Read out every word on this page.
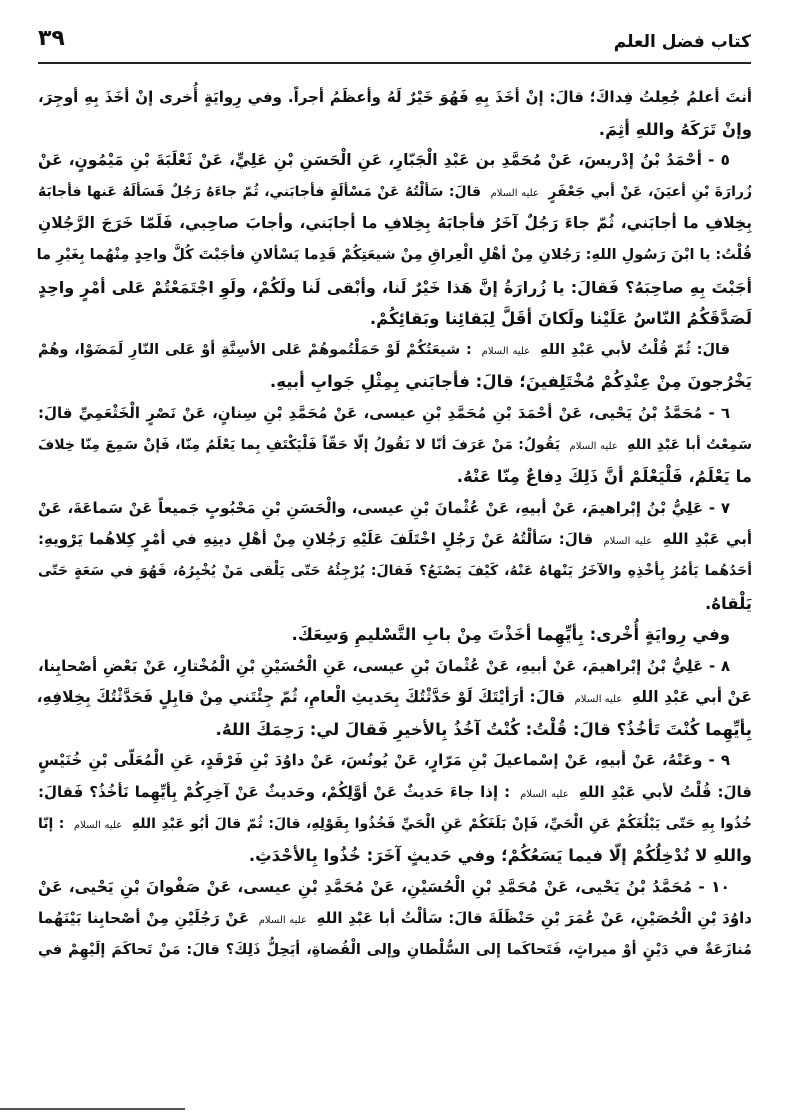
٣٩	كتاب فضل العلم
أنتَ أعلمُ جُعِلتُ فِداكَ؛ قالَ: إنْ أخَذَ بِهِ فَهُوَ خَيْرٌ لَهُ وأعظَمُ أجراً. وفي رِوايَةٍ أُخرى إنْ أخَذَ بِهِ أوجِرَ،
وإنْ تَرَكَهُ واللهِ أثِمَ.
٥ - أحْمَدُ بْنُ إدْريسَ، عَنْ مُحَمَّدِ بن عَبْدِ الْجَبّارِ، عَنِ الْحَسَنِ بْنِ عَلِيٍّ، عَنْ ثَعْلَبَةَ بْنِ مَيْمُونٍ، عَنْ
زُرارَةَ بْنِ أعيَنَ، عَنْ أبي جَعْفَرٍ عليه السلام قالَ: سَألْتُهُ عَنْ مَسْألَةٍ فأجابَني، ثُمّ جاءَهُ رَجُلٌ فَسَألَهُ عَنها فأجابَهُ
بِخِلافِ ما أجابَني، ثُمّ جاءَ رَجُلٌ آخَرُ فأجابَهُ بِخِلافِ ما أجابَني، وأجابَ صاحِبي، فَلَمّا خَرَجَ الرَّجُلانِ
قُلْتُ: يا ابْنَ رَسُولِ اللهِ: رَجُلانِ مِنْ أهْلِ الْعِراقِ مِنْ شيعَتِكُمْ قَدِما يَسْألانِ فأجَبْتَ كُلَّ واحِدٍ مِنْهُما بِغَيْرِ ما
أجَبْتَ بِهِ صاحِبَهُ؟ فَقالَ: يا زُرارَةُ إنَّ هَذا خَيْرٌ لَنا، وأبْقى لَنا ولَكُمْ، ولَوِ اجْتَمَعْتُمْ عَلى أمْرٍ واحِدٍ
لَصَدَّقَكُمُ النّاسُ عَلَيْنا ولَكانَ أقَلَّ لِبَقائِنا وبَقائِكُمْ.
قالَ: ثُمّ قُلْتُ لأبي عَبْدِ اللهِ عليه السلام : شيعَتُكُمْ لَوْ حَمَلْتُموهُمْ عَلى الأسِنَّةِ أوْ عَلى النّارِ لَمَضَوْا، وهُمْ
يَخْرُجونَ مِنْ عِنْدِكُمْ مُخْتَلِفينَ؛ قالَ: فأجابَني بِمِثْلِ جَوابِ أبيهِ.
٦ - مُحَمَّدُ بْنُ يَحْيى، عَنْ أحْمَدَ بْنِ مُحَمَّدِ بْنِ عيسى، عَنْ مُحَمَّدِ بْنِ سِنانٍ، عَنْ نَصْرٍ الْخَثْعَمِيِّ قالَ:
سَمِعْتُ أبا عَبْدِ اللهِ عليه السلام يَقُولُ: مَنْ عَرَفَ أنّا لا نَقُولُ إلّا حَقّاً فَلْيَكْتَفِ بِما يَعْلَمُ مِنّا، فَإنْ سَمِعَ مِنّا خِلافَ
ما يَعْلَمُ، فَلْيَعْلَمْ أنَّ ذَلِكَ دِفاعٌ مِنّا عَنْهُ.
٧ - عَلِيُّ بْنُ إبْراهيمَ، عَنْ أبيهِ، عَنْ عُثْمانَ بْنِ عيسى، والْحَسَنِ بْنِ مَحْبُوبٍ جَميعاً عَنْ سَماعَةَ، عَنْ
أبي عَبْدِ اللهِ عليه السلام قالَ: سَألْتُهُ عَنْ رَجُلٍ اخْتَلَفَ عَلَيْهِ رَجُلانِ مِنْ أهْلِ دينِهِ في أمْرٍ كِلاهُما يَرْويهِ:
أحَدُهُما يَأمُرُ بِأخْذِهِ والآخَرُ يَنْهاهُ عَنْهُ، كَيْفَ يَصْنَعُ؟ فَقالَ: يُرْجِئُهُ حَتّى يَلْقى مَنْ يُخْبِرُهُ، فَهُوَ في سَعَةٍ حَتّى
يَلْقاهُ.
وفي رِوايَةٍ أُخْرى: بِأيِّهِما أخَذْتَ مِنْ بابِ التَّسْليمِ وَسِعَكَ.
٨ - عَلِيُّ بْنُ إبْراهيمَ، عَنْ أبيهِ، عَنْ عُثْمانَ بْنِ عيسى، عَنِ الْحُسَيْنِ بْنِ الْمُخْتارِ، عَنْ بَعْضِ أصْحابِنا،
عَنْ أبي عَبْدِ اللهِ عليه السلام قالَ: أرَأيْتَكَ لَوْ حَدَّثْتُكَ بِحَديثِ الْعامِ، ثُمّ جِئْتَني مِنْ قابِلٍ فَحَدَّثْتُكَ بِخِلافِهِ،
بِأيِّهِما كُنْتَ تَأخُذُ؟ قالَ: قُلْتُ: كُنْتُ آخُذُ بِالأخيرِ فَقالَ لي: رَحِمَكَ اللهُ.
٩ - وعَنْهُ، عَنْ أبيهِ، عَنْ إسْماعيلَ بْنِ مَرّارٍ، عَنْ يُونُسَ، عَنْ داوُدَ بْنِ فَرْقَدٍ، عَنِ الْمُعَلّى بْنِ خُنَيْسٍ
قالَ: قُلْتُ لأبي عَبْدِ اللهِ عليه السلام : إذا جاءَ حَديثٌ عَنْ أوَّلِكُمْ، وحَديثٌ عَنْ آخِرِكُمْ بِأيِّهِما نَأخُذُ؟ فَقالَ:
خُذُوا بِهِ حَتّى يَبْلُغَكُمْ عَنِ الْحَيِّ، فَإنْ بَلَغَكُمْ عَنِ الْحَيِّ فَخُذُوا بِقَوْلِهِ، قالَ: ثُمّ قالَ أبُو عَبْدِ اللهِ عليه السلام : إنّا
واللهِ لا نُدْخِلُكُمْ إلّا فيما يَسَعُكُمْ؛ وفي حَديثٍ آخَرَ: خُذُوا بِالأحْدَثِ.
١٠ - مُحَمَّدُ بْنُ يَحْيى، عَنْ مُحَمَّدِ بْنِ الْحُسَيْنِ، عَنْ مُحَمَّدِ بْنِ عيسى، عَنْ صَفْوانَ بْنِ يَحْيى، عَنْ
داوُدَ بْنِ الْحُصَيْنِ، عَنْ عُمَرَ بْنِ حَنْظَلَةَ قالَ: سَألْتُ أبا عَبْدِ اللهِ عليه السلام عَنْ رَجُلَيْنِ مِنْ أصْحابِنا بَيْنَهُما
مُنازَعَةٌ في دَيْنٍ أوْ ميراثٍ، فَتَحاكَما إلى السُّلْطانِ وإلى الْقُضاةِ، أيَحِلُّ ذَلِكَ؟ قالَ: مَنْ تَحاكَمَ إلَيْهِمْ في
